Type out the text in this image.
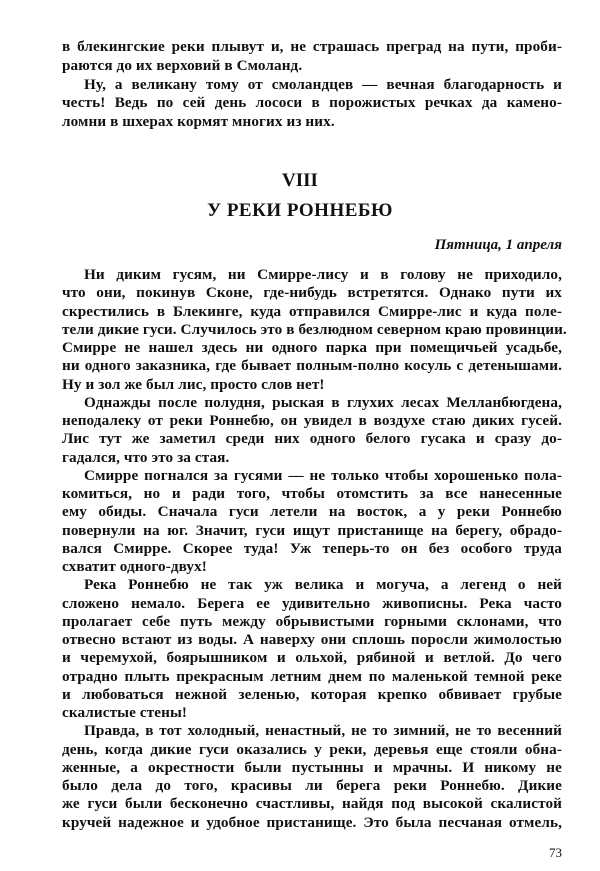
в блекингские реки плывут и, не страшась преград на пути, проби-
раются до их верховий в Смоланд.
Ну, а великану тому от смоландцев — вечная благодарность и
честь! Ведь по сей день лососи в порожистых речках да камено-
ломни в шхерах кормят многих из них.
VIII
У РЕКИ РОННЕБЮ
Пятница, 1 апреля
Ни диким гусям, ни Смирре-лису и в голову не приходило,
что они, покинув Сконе, где-нибудь встретятся. Однако пути их
скрестились в Блекинге, куда отправился Смирре-лис и куда поле-
тели дикие гуси. Случилось это в безлюдном северном краю провинции.
Смирре не нашел здесь ни одного парка при помещичьей усадьбе,
ни одного заказника, где бывает полным-полно косуль с детенышами.
Ну и зол же был лис, просто слов нет!
Однажды после полудня, рыская в глухих лесах Мелланбюгдена,
неподалеку от реки Роннебю, он увидел в воздухе стаю диких гусей.
Лис тут же заметил среди них одного белого гусака и сразу до-
гадался, что это за стая.
Смирре погнался за гусями — не только чтобы хорошенько пола-
комиться, но и ради того, чтобы отомстить за все нанесенные
ему обиды. Сначала гуси летели на восток, а у реки Роннебю
повернули на юг. Значит, гуси ищут пристанище на берегу, обрадо-
вался Смирре. Скорее туда! Уж теперь-то он без особого труда
схватит одного-двух!
Река Роннебю не так уж велика и могуча, а легенд о ней
сложено немало. Берега ее удивительно живописны. Река часто
пролагает себе путь между обрывистыми горными склонами, что
отвесно встают из воды. А наверху они сплошь поросли жимолостью
и черемухой, боярышником и ольхой, рябиной и ветлой. До чего
отрадно плыть прекрасным летним днем по маленькой темной реке
и любоваться нежной зеленью, которая крепко обвивает грубые
скалистые стены!
Правда, в тот холодный, ненастный, не то зимний, не то весенний
день, когда дикие гуси оказались у реки, деревья еще стояли обна-
женные, а окрестности были пустынны и мрачны. И никому не
было дела до того, красивы ли берега реки Роннебю. Дикие
же гуси были бесконечно счастливы, найдя под высокой скалистой
кручей надежное и удобное пристанище. Это была песчаная отмель,
73
